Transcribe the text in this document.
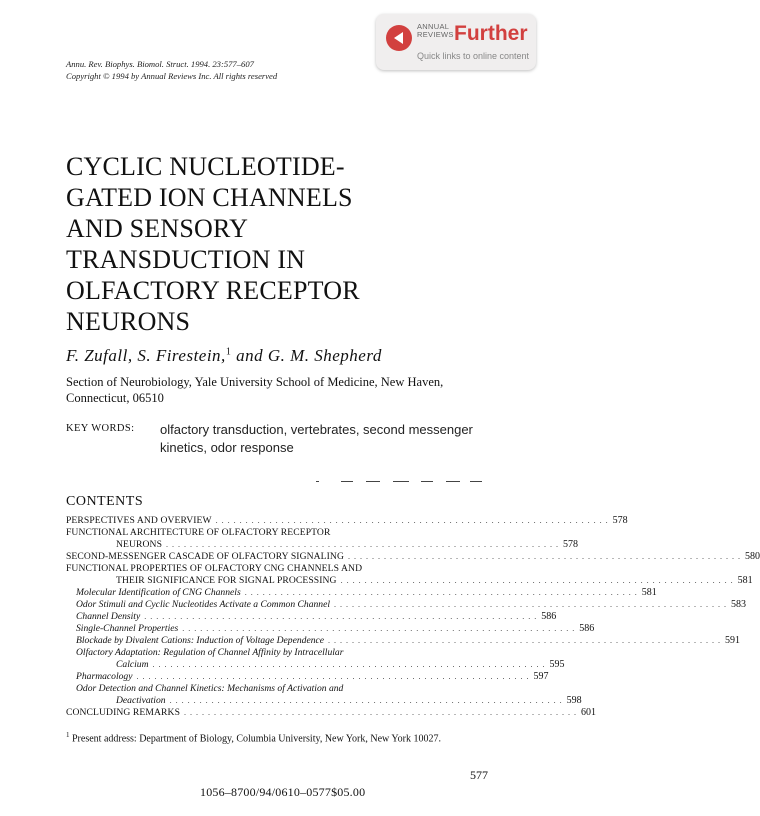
ANNUAL
REVIEWS Further
Quick links to online content
Annu. Rev. Biophys. Biomol. Struct. 1994. 23:577–607
Copyright © 1994 by Annual Reviews Inc. All rights reserved
CYCLIC NUCLEOTIDE-
GATED ION CHANNELS
AND SENSORY
TRANSDUCTION IN
OLFACTORY RECEPTOR
NEURONS
F. Zufall, S. Firestein,$^1$ and G. M. Shepherd
Section of Neurobiology, Yale University School of Medicine, New Haven,
Connecticut, 06510
KEY WORDS: olfactory transduction, vertebrates, second messenger
kinetics, odor response
CONTENTS
PERSPECTIVES AND OVERVIEW . . . . . . . . . . . . . . . . . . . . . . . . . . . . . . . . . . . . . . . . . . . . . . . . . . . . . . . . . . . . . . . . . . 578
FUNCTIONAL ARCHITECTURE OF OLFACTORY RECEPTOR
NEURONS . . . . . . . . . . . . . . . . . . . . . . . . . . . . . . . . . . . . . . . . . . . . . . . . . . . . . . . . . . . . . . . . . . 578
SECOND-MESSENGER CASCADE OF OLFACTORY SIGNALING . . . . . . . . . . . . . . . . . . . . . . . . . . . . . . . . . . . . . . . . . . . . . . . . . . . . . . . . . . . . . . . . . . 580
FUNCTIONAL PROPERTIES OF OLFACTORY CNG CHANNELS AND
THEIR SIGNIFICANCE FOR SIGNAL PROCESSING . . . . . . . . . . . . . . . . . . . . . . . . . . . . . . . . . . . . . . . . . . . . . . . . . . . . . . . . . . . . . . . . . . 581
Molecular Identification of CNG Channels . . . . . . . . . . . . . . . . . . . . . . . . . . . . . . . . . . . . . . . . . . . . . . . . . . . . . . . . . . . . . . . . . . 581
Odor Stimuli and Cyclic Nucleotides Activate a Common Channel . . . . . . . . . . . . . . . . . . . . . . . . . . . . . . . . . . . . . . . . . . . . . . . . . . . . . . . . . . . . . . . . . . 583
Channel Density . . . . . . . . . . . . . . . . . . . . . . . . . . . . . . . . . . . . . . . . . . . . . . . . . . . . . . . . . . . . . . . . . . 586
Single-Channel Properties . . . . . . . . . . . . . . . . . . . . . . . . . . . . . . . . . . . . . . . . . . . . . . . . . . . . . . . . . . . . . . . . . . 586
Blockade by Divalent Cations: Induction of Voltage Dependence . . . . . . . . . . . . . . . . . . . . . . . . . . . . . . . . . . . . . . . . . . . . . . . . . . . . . . . . . . . . . . . . . . 591
Olfactory Adaptation: Regulation of Channel Affinity by Intracellular
Calcium . . . . . . . . . . . . . . . . . . . . . . . . . . . . . . . . . . . . . . . . . . . . . . . . . . . . . . . . . . . . . . . . . . 595
Pharmacology . . . . . . . . . . . . . . . . . . . . . . . . . . . . . . . . . . . . . . . . . . . . . . . . . . . . . . . . . . . . . . . . . . 597
Odor Detection and Channel Kinetics: Mechanisms of Activation and
Deactivation . . . . . . . . . . . . . . . . . . . . . . . . . . . . . . . . . . . . . . . . . . . . . . . . . . . . . . . . . . . . . . . . . . 598
CONCLUDING REMARKS . . . . . . . . . . . . . . . . . . . . . . . . . . . . . . . . . . . . . . . . . . . . . . . . . . . . . . . . . . . . . . . . . . 601
$^1$ Present address: Department of Biology, Columbia University, New York, New York 10027.
577
1056–8700/94/0610–0577$05.00
